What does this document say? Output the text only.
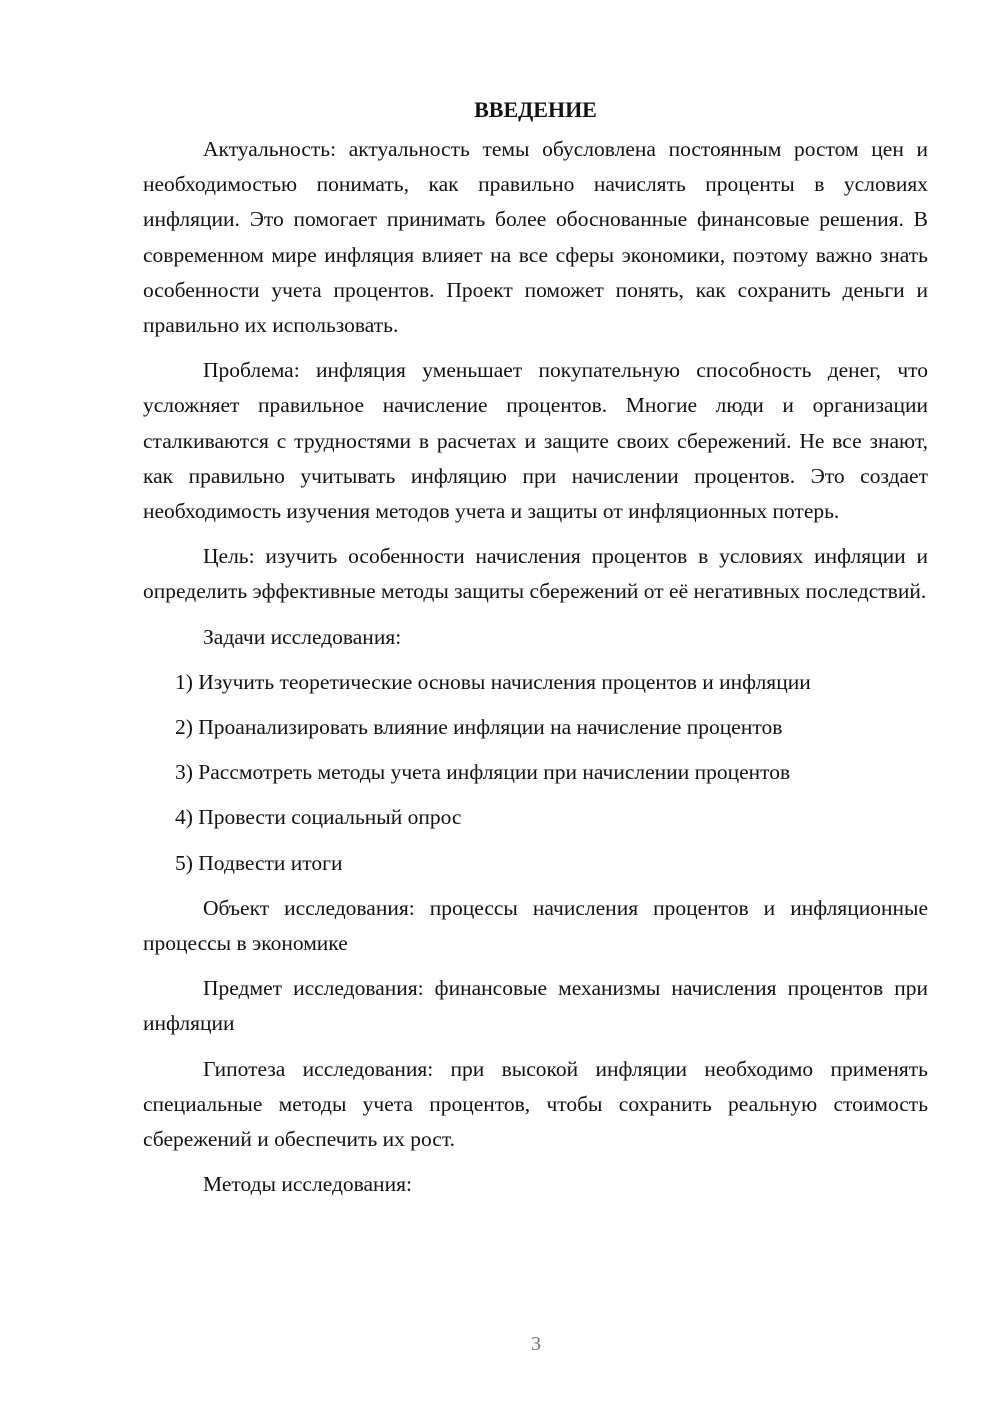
ВВЕДЕНИЕ

Актуальность: актуальность темы обусловлена постоянным ростом цен и необходимостью понимать, как правильно начислять проценты в условиях инфляции. Это помогает принимать более обоснованные финансовые решения. В современном мире инфляция влияет на все сферы экономики, поэтому важно знать особенности учета процентов. Проект поможет понять, как сохранить деньги и правильно их использовать.

Проблема: инфляция уменьшает покупательную способность денег, что усложняет правильное начисление процентов. Многие люди и организации сталкиваются с трудностями в расчетах и защите своих сбережений. Не все знают, как правильно учитывать инфляцию при начислении процентов. Это создает необходимость изучения методов учета и защиты от инфляционных потерь.

Цель: изучить особенности начисления процентов в условиях инфляции и определить эффективные методы защиты сбережений от её негативных последствий.

Задачи исследования:

1) Изучить теоретические основы начисления процентов и инфляции
2) Проанализировать влияние инфляции на начисление процентов
3) Рассмотреть методы учета инфляции при начислении процентов
4) Провести социальный опрос
5) Подвести итоги

Объект исследования: процессы начисления процентов и инфляционные процессы в экономике

Предмет исследования: финансовые механизмы начисления процентов при инфляции

Гипотеза исследования: при высокой инфляции необходимо применять специальные методы учета процентов, чтобы сохранить реальную стоимость сбережений и обеспечить их рост.

Методы исследования:

3
